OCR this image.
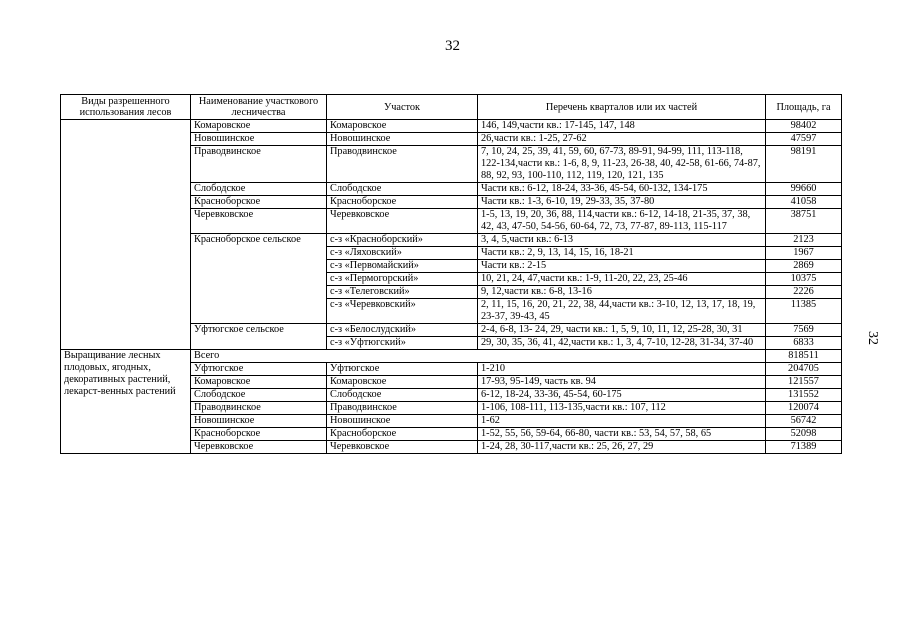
32
32
Виды разрешенного использования лесов	Наименование участкового лесничества	Участок	Перечень кварталов или их частей	Площадь, га
	Комаровское	Комаровское	146, 149,части кв.: 17-145, 147, 148	98402
	Новошинское	Новошинское	26,части кв.: 1-25, 27-62	47597
	Праводвинское	Праводвинское	7, 10, 24, 25, 39, 41, 59, 60, 67-73, 89-91, 94-99, 111, 113-118, 122-134,части кв.: 1-6, 8, 9, 11-23, 26-38, 40, 42-58, 61-66, 74-87, 88, 92, 93, 100-110, 112, 119, 120, 121, 135	98191
	Слободское	Слободское	Части кв.: 6-12, 18-24, 33-36, 45-54, 60-132, 134-175	99660
	Красноборское	Красноборское	Части кв.: 1-3, 6-10, 19, 29-33, 35, 37-80	41058
	Черевковское	Черевковское	1-5, 13, 19, 20, 36, 88, 114,части кв.: 6-12, 14-18, 21-35, 37, 38, 42, 43, 47-50, 54-56, 60-64, 72, 73, 77-87, 89-113, 115-117	38751
	Красноборское сельское	с-з «Красноборский»	3, 4, 5,части кв.: 6-13	2123
		с-з «Ляховский»	Части кв.: 2, 9, 13, 14, 15, 16, 18-21	1967
		с-з «Первомайский»	Части кв.: 2-15	2869
		с-з «Пермогорский»	10, 21, 24, 47,части кв.: 1-9, 11-20, 22, 23, 25-46	10375
		с-з «Телеговский»	9, 12,части кв.: 6-8, 13-16	2226
		с-з «Черевковский»	2, 11, 15, 16, 20, 21, 22, 38, 44,части кв.: 3-10, 12, 13, 17, 18, 19, 23-37, 39-43, 45	11385
	Уфтюгское сельское	с-з «Белослудский»	2-4, 6-8, 13- 24, 29, части кв.: 1, 5, 9, 10, 11, 12, 25-28, 30, 31	7569
		с-з «Уфтюгский»	29, 30, 35, 36, 41, 42,части кв.: 1, 3, 4, 7-10, 12-28, 31-34, 37-40	6833
Выращивание лесных плодовых, ягодных, декоративных растений, лекарст-венных растений	Всего			818511
	Уфтюгское	Уфтюгское	1-210	204705
	Комаровское	Комаровское	17-93, 95-149, часть кв. 94	121557
	Слободское	Слободское	6-12, 18-24, 33-36, 45-54, 60-175	131552
	Праводвинское	Праводвинское	1-106, 108-111, 113-135,части кв.: 107, 112	120074
	Новошинское	Новошинское	1-62	56742
	Красноборское	Красноборское	1-52, 55, 56, 59-64, 66-80, части кв.: 53, 54, 57, 58, 65	52098
	Черевковское	Черевковское	1-24, 28, 30-117,части кв.: 25, 26, 27, 29	71389
